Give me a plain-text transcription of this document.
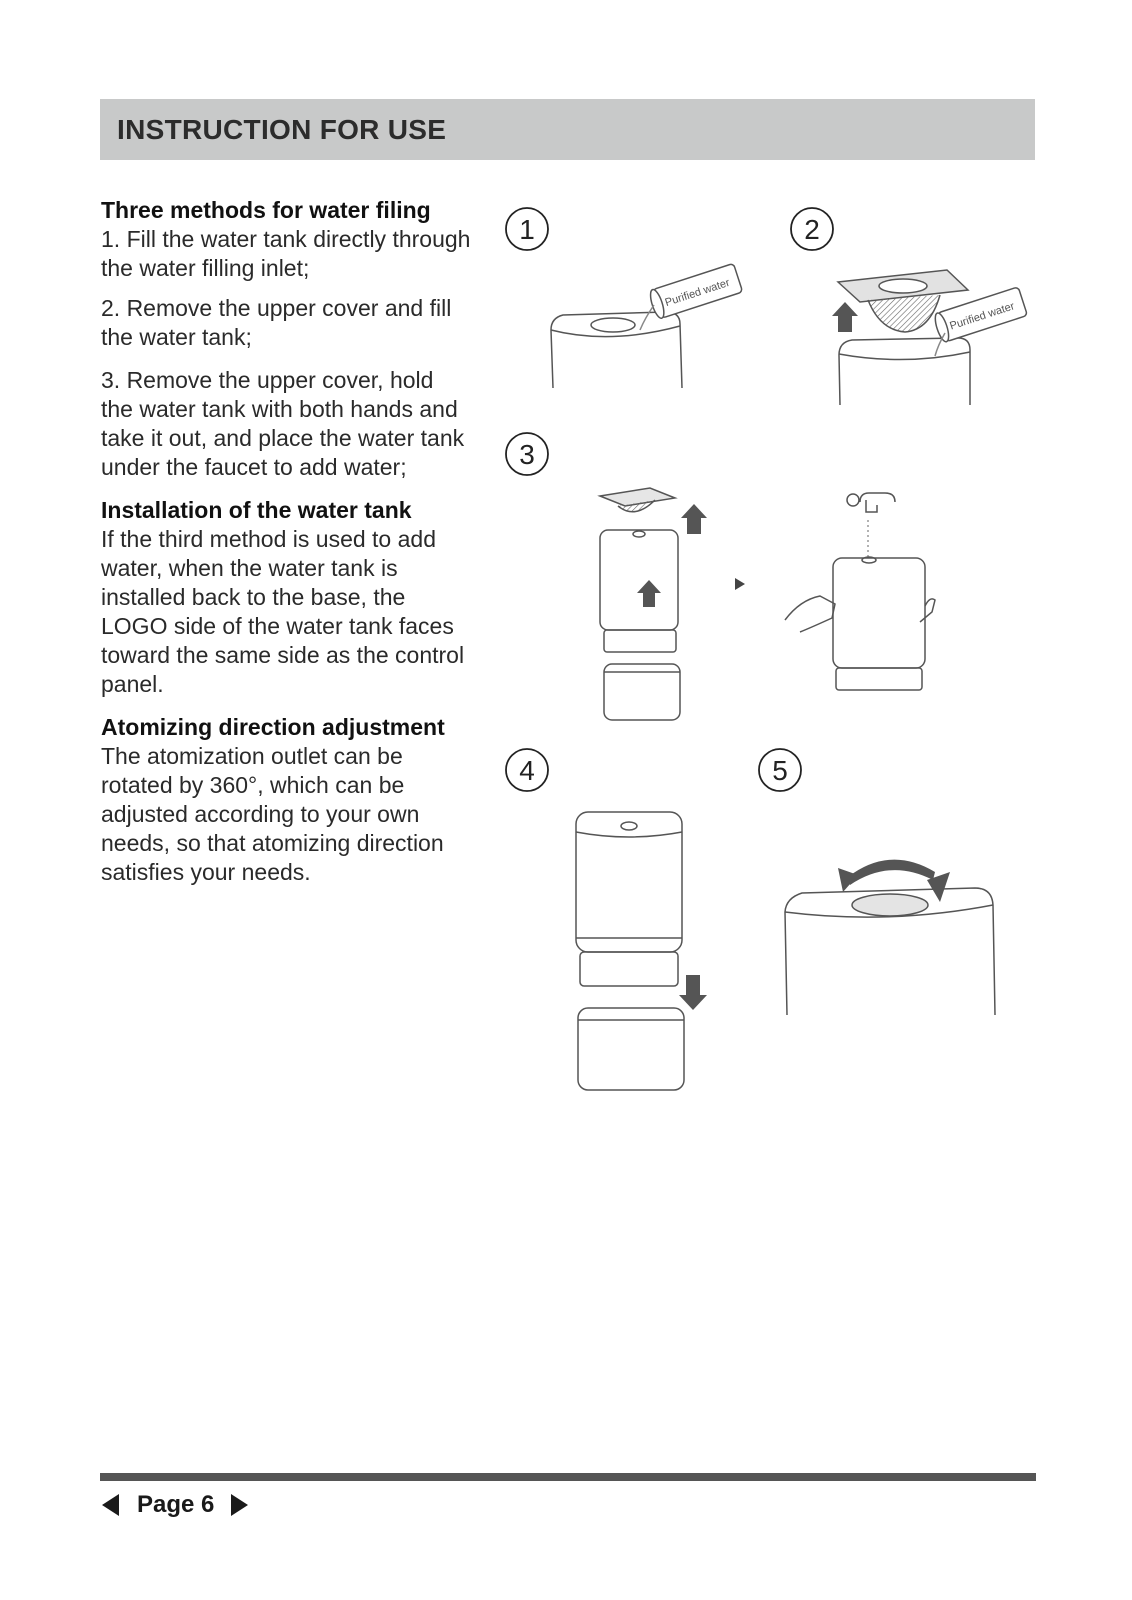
INSTRUCTION FOR USE

Three methods for water filing

1. Fill the water tank directly through the water filling inlet;

2. Remove the upper cover and fill the water tank;

3. Remove the upper cover, hold the water tank with both hands and take it out, and place the water tank under the faucet to add water;

Installation of the water tank

If the third method is used to add water, when the water tank is installed back to the base, the LOGO side of the water tank faces toward the same side as the control panel.

Atomizing direction adjustment

The atomization outlet can be rotated by 360°, which can be adjusted according to your own needs, so that atomizing direction satisfies your needs.

1	2
3
4	5
Purified water
Purified water
Page 6
